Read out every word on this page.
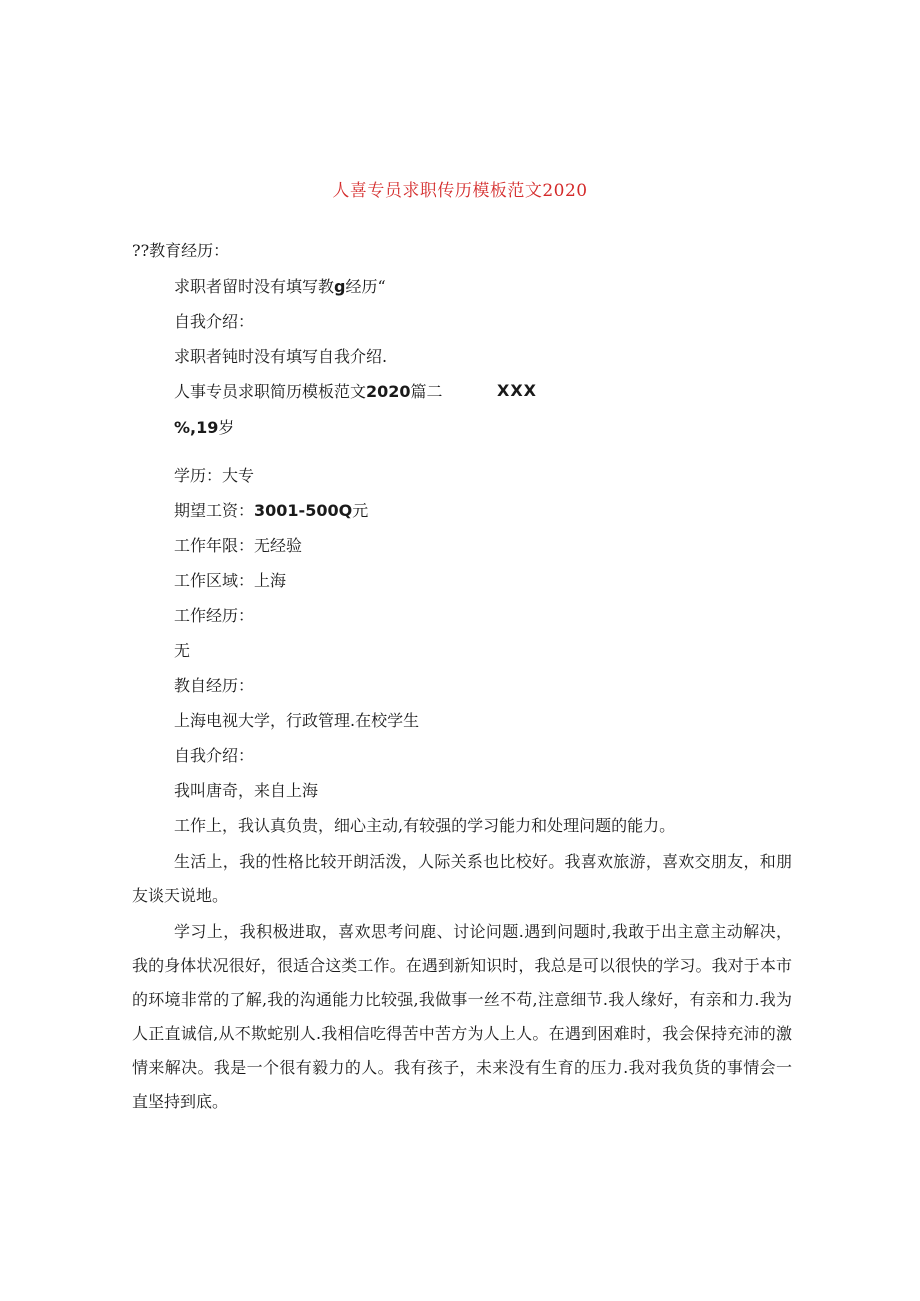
人喜专员求职传历模板范文2020
??教育经历：
求职者留时没有填写教g经历“
自我介绍：
求职者钝时没有填写自我介绍.
人事专员求职简历模板范文2020篇二	XXX
%,19岁
学历：大专
期望工资：3001-500Q元
工作年限：无经验
工作区域：上海
工作经历：
无
教自经历：
上海电视大学，行政管理.在校学生
自我介绍：
我叫唐奇，来自上海
工作上，我认真负贵，细心主动,有较强的学习能力和处理问题的能力。
生活上，我的性格比较开朗活泼，人际关系也比校好。我喜欢旅游，喜欢交朋友，和朋友谈天说地。
学习上，我积极进取，喜欢思考问鹿、讨论问题.遇到问题时,我敢于出主意主动解决，我的身体状况很好，很适合这类工作。在遇到新知识时，我总是可以很快的学习。我对于本市的环境非常的了解,我的沟通能力比较强,我做事一丝不苟,注意细节.我人缘好，有亲和力.我为人正直诚信,从不欺蛇别人.我相信吃得苦中苦方为人上人。在遇到困难时，我会保持充沛的激情来解决。我是一个很有毅力的人。我有孩子，未来没有生育的压力.我对我负货的事情会一直坚持到底。
